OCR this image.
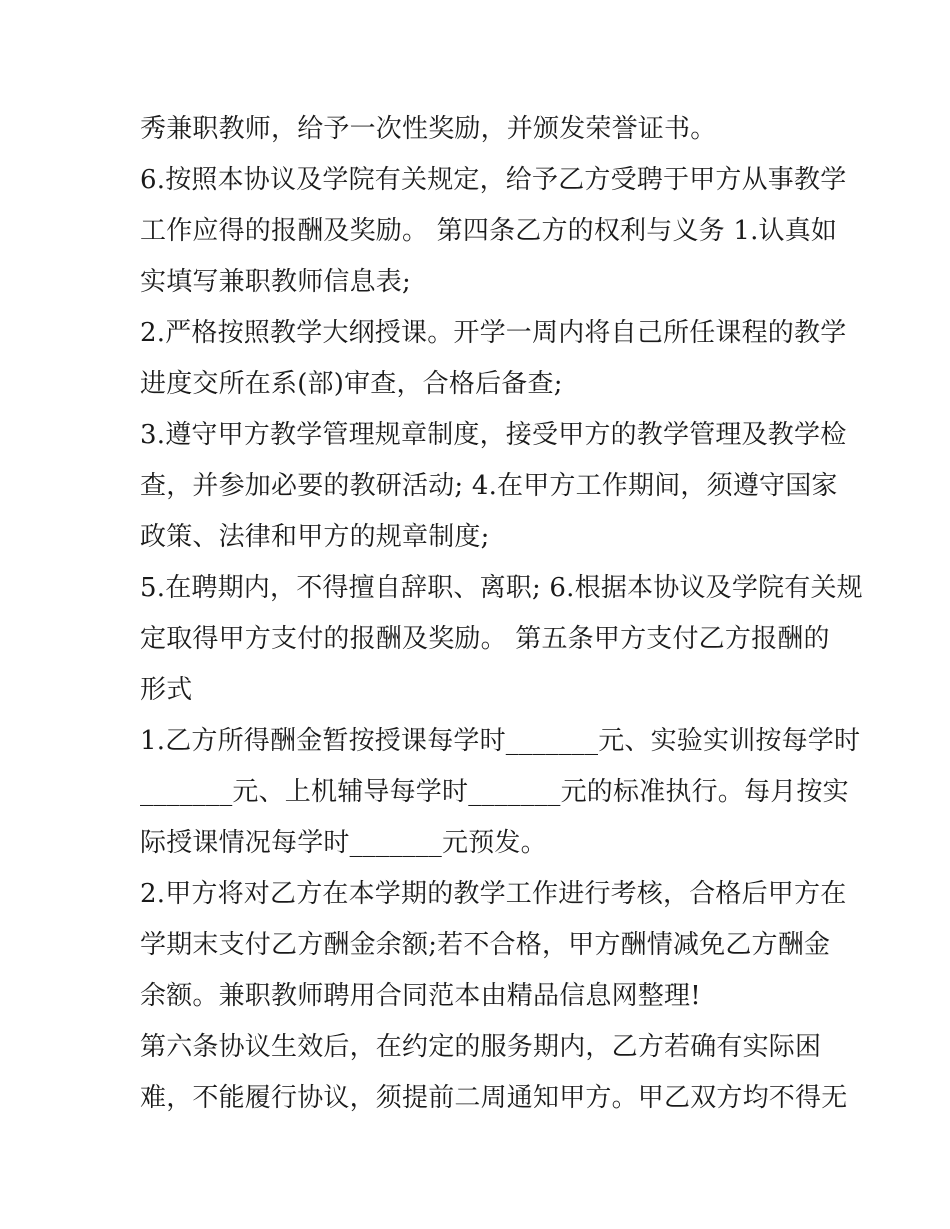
秀兼职教师，给予一次性奖励，并颁发荣誉证书。
6.按照本协议及学院有关规定，给予乙方受聘于甲方从事教学
工作应得的报酬及奖励。 第四条乙方的权利与义务 1.认真如
实填写兼职教师信息表;
2.严格按照教学大纲授课。开学一周内将自己所任课程的教学
进度交所在系(部)审查，合格后备查;
3.遵守甲方教学管理规章制度，接受甲方的教学管理及教学检
查，并参加必要的教研活动; 4.在甲方工作期间，须遵守国家
政策、法律和甲方的规章制度;
5.在聘期内，不得擅自辞职、离职; 6.根据本协议及学院有关规
定取得甲方支付的报酬及奖励。 第五条甲方支付乙方报酬的
形式
1.乙方所得酬金暂按授课每学时_______元、实验实训按每学时
_______元、上机辅导每学时_______元的标准执行。每月按实
际授课情况每学时_______元预发。
2.甲方将对乙方在本学期的教学工作进行考核，合格后甲方在
学期末支付乙方酬金余额;若不合格，甲方酬情减免乙方酬金
余额。兼职教师聘用合同范本由精品信息网整理!
第六条协议生效后，在约定的服务期内，乙方若确有实际困
难，不能履行协议，须提前二周通知甲方。甲乙双方均不得无
